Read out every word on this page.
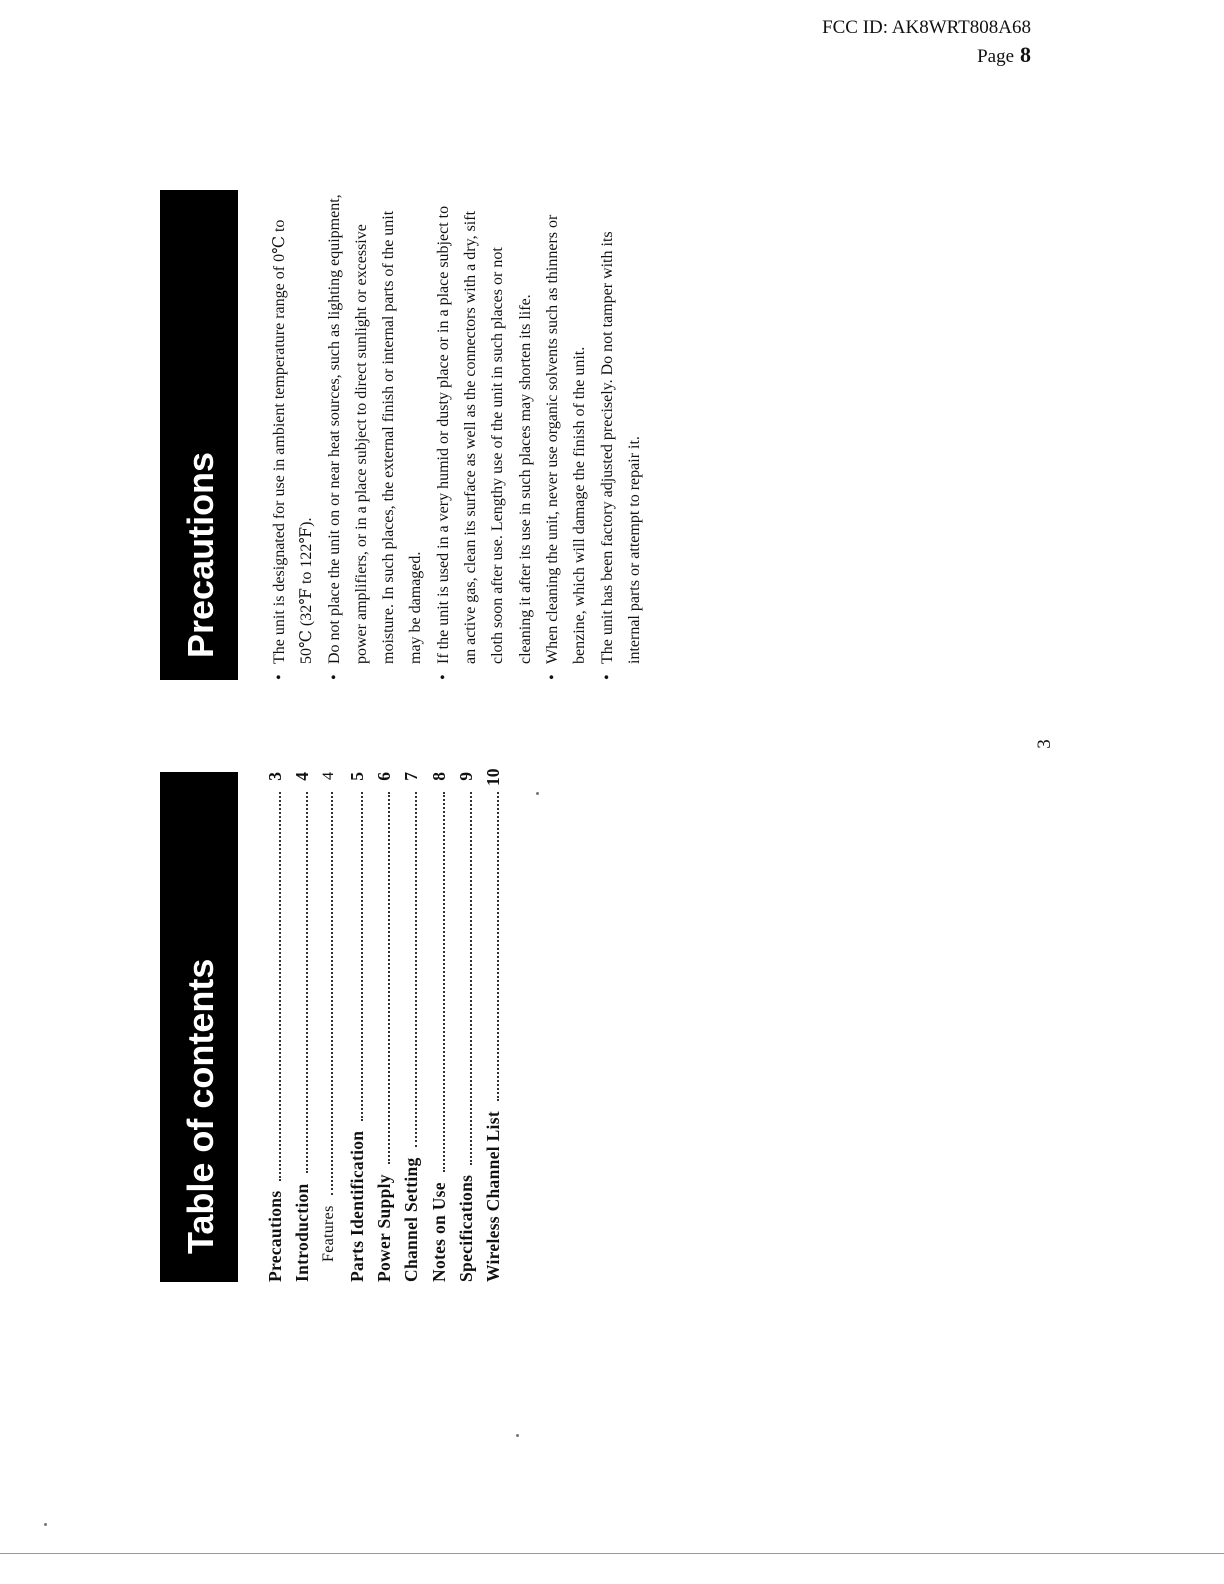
FCC ID: AK8WRT808A68
Page 8
Table of contents	Precautions
3
Introduction
4
Features
4
Parts Identification
5
Power Supply
6
Channel Setting
7
Notes on Use
8
Specifications
9
Wireless Channel List
10
Precautions	• The unit is designated for use in ambient temperature range of 0℃ to 50℃ (32℉ to 122℉). • Do not place the unit on or near heat sources, such as lighting equipment, power amplifiers, or in a place subject to direct sunlight or excessive moisture. In such places, the external finish or internal parts of the unit may be damaged. • If the unit is used in a very humid or dusty place or in a place subject to an active gas, clean its surface as well as the connectors with a dry, sift cloth soon after use. Lengthy use of the unit in such places or not cleaning it after its use in such places may shorten its life. • When cleaning the unit, never use organic solvents such as thinners or benzine, which will damage the finish of the unit. • The unit has been factory adjusted precisely. Do not tamper with its internal parts or attempt to repair it.
3
